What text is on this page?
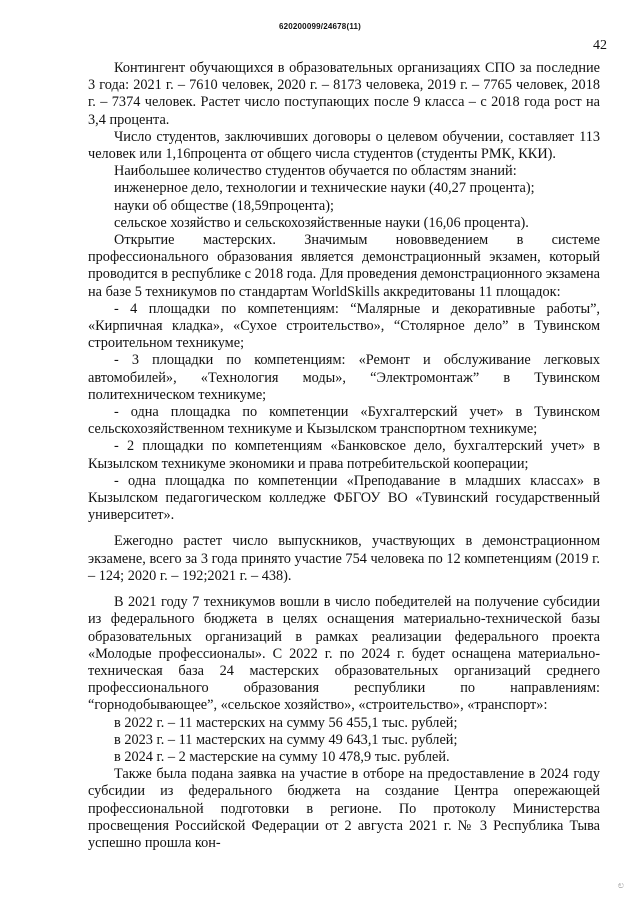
620200099/24678(11)
42

Контингент обучающихся в образовательных организациях СПО за последние 3 года: 2021 г. – 7610 человек, 2020 г. – 8173 человека, 2019 г. – 7765 человек, 2018 г. – 7374 человек. Растет число поступающих после 9 класса – с 2018 года рост на 3,4 процента.

Число студентов, заключивших договоры о целевом обучении, составляет 113 человек или 1,16процента от общего числа студентов (студенты РМК, ККИ).

Наибольшее количество студентов обучается по областям знаний:

инженерное дело, технологии и технические науки (40,27 процента);

науки об обществе (18,59процента);

сельское хозяйство и сельскохозяйственные науки (16,06 процента).

Открытие мастерских. Значимым нововведением в системе профессионального образования является демонстрационный экзамен, который проводится в республике с 2018 года. Для проведения демонстрационного экзамена на базе 5 техникумов по стандартам WorldSkills аккредитованы 11 площадок:

- 4 площадки по компетенциям: “Малярные и декоративные работы”, «Кирпичная кладка», «Сухое строительство», “Столярное дело” в Тувинском строительном техникуме;

- 3 площадки по компетенциям: «Ремонт и обслуживание легковых автомобилей», «Технология моды», “Электромонтаж” в Тувинском политехническом техникуме;

- одна площадка по компетенции «Бухгалтерский учет» в Тувинском сельскохозяйственном техникуме и Кызылском транспортном техникуме;

- 2 площадки по компетенциям «Банковское дело, бухгалтерский учет» в Кызылском техникуме экономики и права потребительской кооперации;

- одна площадка по компетенции «Преподавание в младших классах» в Кызылском педагогическом колледже ФБГОУ ВО «Тувинский государственный университет».

Ежегодно растет число выпускников, участвующих в демонстрационном экзамене, всего за 3 года принято участие 754 человека по 12 компетенциям (2019 г. – 124; 2020 г. – 192;2021 г. – 438).

В 2021 году 7 техникумов вошли в число победителей на получение субсидии из федерального бюджета в целях оснащения материально-технической базы образовательных организаций в рамках реализации федерального проекта «Молодые профессионалы». С 2022 г. по 2024 г. будет оснащена материально-техническая база 24 мастерских образовательных организаций среднего профессионального образования республики по направлениям: “горнодобывающее”, «сельское хозяйство», «строительство», «транспорт»:

в 2022 г. – 11 мастерских на сумму 56 455,1 тыс. рублей;

в 2023 г. – 11 мастерских на сумму 49 643,1 тыс. рублей;

в 2024 г. – 2 мастерские на сумму 10 478,9 тыс. рублей.

Также была подана заявка на участие в отборе на предоставление в 2024 году субсидии из федерального бюджета на создание Центра опережающей профессиональной подготовки в регионе. По протоколу Министерства просвещения Российской Федерации от 2 августа 2021 г. № 3 Республика Тыва успешно прошла кон-

ಲ
